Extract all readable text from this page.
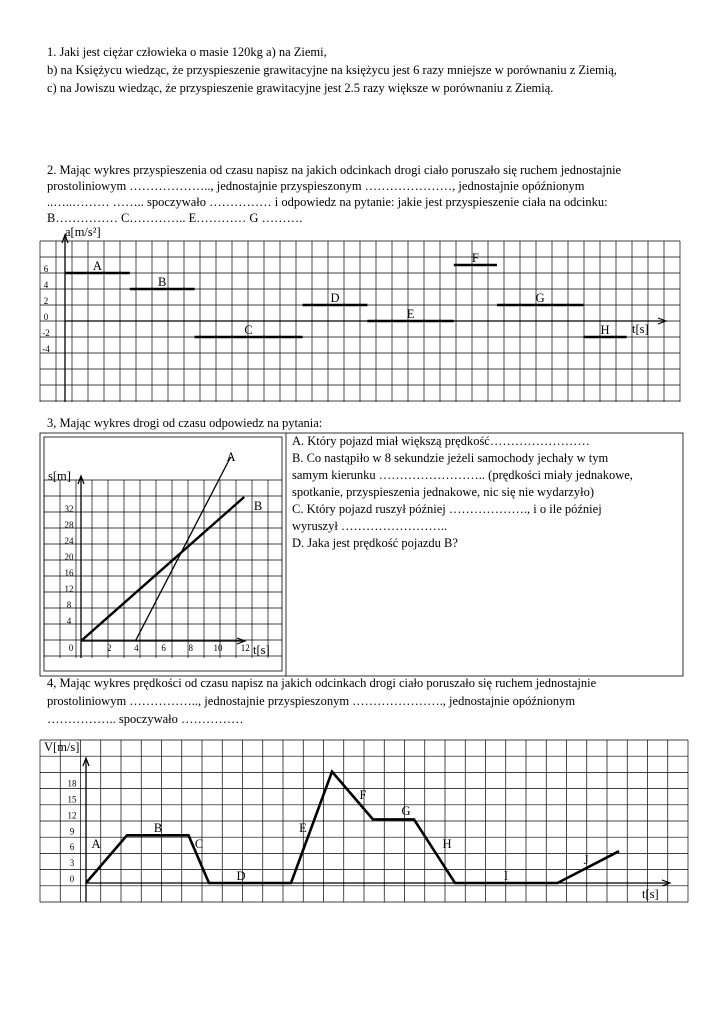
1. Jaki jest ciężar człowieka o masie 120kg a) na Ziemi,
b) na Księżycu wiedząc, że przyspieszenie grawitacyjne na księżycu jest 6 razy mniejsze w porównaniu z Ziemią,
c) na Jowiszu wiedząc, że przyspieszenie grawitacyjne jest 2.5 razy większe w porównaniu z Ziemią.
2. Mając wykres przyspieszenia od czasu napisz na jakich odcinkach drogi ciało poruszało się ruchem jednostajnie
prostoliniowym ……………….., jednostajnie przyspieszonym …………………, jednostajnie opóźnionym
..…..……… …….. spoczywało …………… i odpowiedz na pytanie: jakie jest przyspieszenie ciała na odcinku:
B…………… C………….. E………… G ……….
a[m/s²]
t[s]
6
4
2
0
-2
-4
A
B
C
D
E
F
G
H
3, Mając wykres drogi od czasu odpowiedz na pytania:
s[m]
t[s]
32
28
24
20
16
12
8
4
0	2	4	6	8 10 12
A
B
A. Który pojazd miał większą prędkość……………………
B. Co nastąpiło w 8 sekundzie jeżeli samochody jechały w tym
samym kierunku …………………….. (prędkości miały jednakowe,
spotkanie, przyspieszenia jednakowe, nic się nie wydarzyło)
C. Który pojazd ruszył później ………………., i o ile później
wyruszył ……………………..
D. Jaka jest prędkość pojazdu B?
4, Mając wykres prędkości od czasu napisz na jakich odcinkach drogi ciało poruszało się ruchem jednostajnie
prostoliniowym …………….., jednostajnie przyspieszonym …………………., jednostajnie opóźnionym
…………….. spoczywało ……………
V[m/s]
t[s]
18
15
12
9
6
3
0
A
B
C
D
E
F
G
H
I
J
